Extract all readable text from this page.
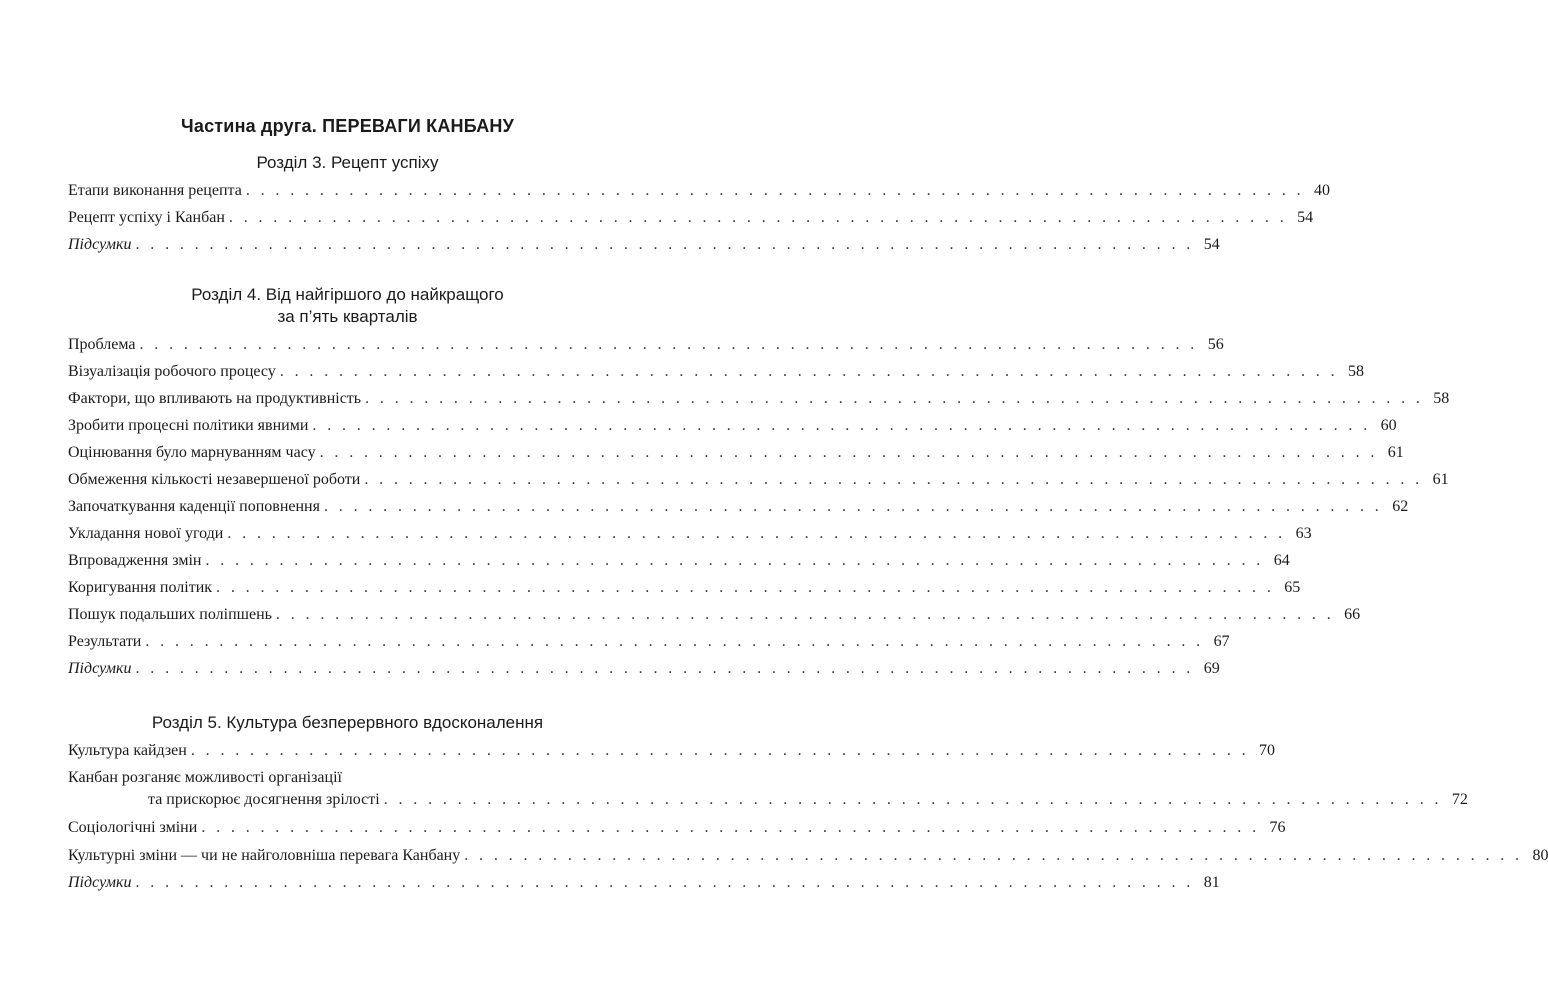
Частина друга. ПЕРЕВАГИ КАНБАНУ
Розділ 3. Рецепт успіху
Етапи виконання рецепта . . . . . . . . . . . . . . . . . . . . . . . . . . . . . . . . . . . . . . . . . . . . . . . . . . . . . . . . . . . . . . . . . . . . . . . . 40
Рецепт успіху і Канбан . . . . . . . . . . . . . . . . . . . . . . . . . . . . . . . . . . . . . . . . . . . . . . . . . . . . . . . . . . . . . . . . . . . . . . . . 54
Підсумки . . . . . . . . . . . . . . . . . . . . . . . . . . . . . . . . . . . . . . . . . . . . . . . . . . . . . . . . . . . . . . . . . . . . . . . . 54
Розділ 4. Від найгіршого до найкращого
за п’ять кварталів
Проблема . . . . . . . . . . . . . . . . . . . . . . . . . . . . . . . . . . . . . . . . . . . . . . . . . . . . . . . . . . . . . . . . . . . . . . . . 56
Візуалізація робочого процесу . . . . . . . . . . . . . . . . . . . . . . . . . . . . . . . . . . . . . . . . . . . . . . . . . . . . . . . . . . . . . . . . . . . . . . . . 58
Фактори, що впливають на продуктивність . . . . . . . . . . . . . . . . . . . . . . . . . . . . . . . . . . . . . . . . . . . . . . . . . . . . . . . . . . . . . . . . . . . . . . . . 58
Зробити процесні політики явними . . . . . . . . . . . . . . . . . . . . . . . . . . . . . . . . . . . . . . . . . . . . . . . . . . . . . . . . . . . . . . . . . . . . . . . . 60
Оцінювання було марнуванням часу . . . . . . . . . . . . . . . . . . . . . . . . . . . . . . . . . . . . . . . . . . . . . . . . . . . . . . . . . . . . . . . . . . . . . . . . 61
Обмеження кількості незавершеної роботи . . . . . . . . . . . . . . . . . . . . . . . . . . . . . . . . . . . . . . . . . . . . . . . . . . . . . . . . . . . . . . . . . . . . . . . . 61
Започаткування каденції поповнення . . . . . . . . . . . . . . . . . . . . . . . . . . . . . . . . . . . . . . . . . . . . . . . . . . . . . . . . . . . . . . . . . . . . . . . . 62
Укладання нової угоди . . . . . . . . . . . . . . . . . . . . . . . . . . . . . . . . . . . . . . . . . . . . . . . . . . . . . . . . . . . . . . . . . . . . . . . . 63
Впровадження змін . . . . . . . . . . . . . . . . . . . . . . . . . . . . . . . . . . . . . . . . . . . . . . . . . . . . . . . . . . . . . . . . . . . . . . . . 64
Коригування політик . . . . . . . . . . . . . . . . . . . . . . . . . . . . . . . . . . . . . . . . . . . . . . . . . . . . . . . . . . . . . . . . . . . . . . . . 65
Пошук подальших поліпшень . . . . . . . . . . . . . . . . . . . . . . . . . . . . . . . . . . . . . . . . . . . . . . . . . . . . . . . . . . . . . . . . . . . . . . . . 66
Результати . . . . . . . . . . . . . . . . . . . . . . . . . . . . . . . . . . . . . . . . . . . . . . . . . . . . . . . . . . . . . . . . . . . . . . . . 67
Підсумки . . . . . . . . . . . . . . . . . . . . . . . . . . . . . . . . . . . . . . . . . . . . . . . . . . . . . . . . . . . . . . . . . . . . . . . . 69
Розділ 5. Культура безперервного вдосконалення
Культура кайдзен . . . . . . . . . . . . . . . . . . . . . . . . . . . . . . . . . . . . . . . . . . . . . . . . . . . . . . . . . . . . . . . . . . . . . . . . 70
Канбан розганяє можливості організації
та прискорює досягнення зрілості . . . . . . . . . . . . . . . . . . . . . . . . . . . . . . . . . . . . . . . . . . . . . . . . . . . . . . . . . . . . . . . . . . . . . . . . 72
Соціологічні зміни . . . . . . . . . . . . . . . . . . . . . . . . . . . . . . . . . . . . . . . . . . . . . . . . . . . . . . . . . . . . . . . . . . . . . . . . 76
Культурні зміни — чи не найголовніша перевага Канбану . . . . . . . . . . . . . . . . . . . . . . . . . . . . . . . . . . . . . . . . . . . . . . . . . . . . . . . . . . . . . . . . . . . . . . . . 80
Підсумки . . . . . . . . . . . . . . . . . . . . . . . . . . . . . . . . . . . . . . . . . . . . . . . . . . . . . . . . . . . . . . . . . . . . . . . . 81
